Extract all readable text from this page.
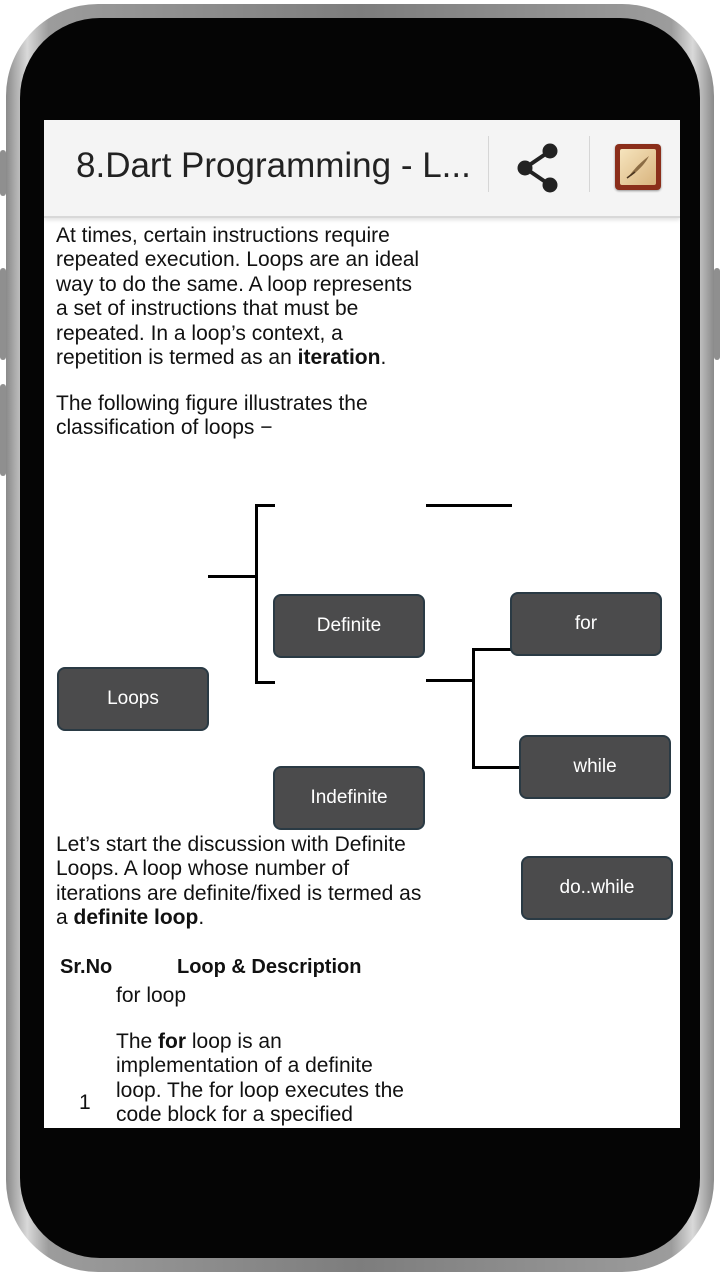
8.Dart Programming - L...

At times, certain instructions require repeated execution. Loops are an ideal way to do the same. A loop represents a set of instructions that must be repeated. In a loop’s context, a repetition is termed as an iteration.

The following figure illustrates the classification of loops −

Loops
Definite
Indefinite
for
while
do..while

Let’s start the discussion with Definite Loops. A loop whose number of iterations are definite/fixed is termed as a definite loop.

Sr.No	Loop & Description
for loop
The for loop is an implementation of a definite loop. The for loop executes the code block for a specified
1
